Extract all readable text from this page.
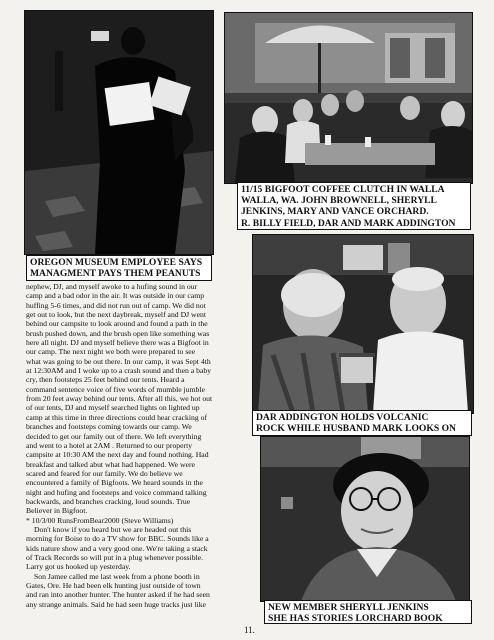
OREGON MUSEUM EMPLOYEE SAYS
MANAGMENT PAYS THEM PEANUTS
11/15 BIGFOOT COFFEE CLUTCH IN WALLA
WALLA, WA. JOHN BROWNELL, SHERYLL
JENKINS, MARY AND VANCE ORCHARD.
R. BILLY FIELD, DAR AND MARK ADDINGTON
DAR ADDINGTON HOLDS VOLCANIC
ROCK WHILE HUSBAND MARK LOOKS ON
NEW MEMBER SHERYLL JENKINS
SHE HAS STORIES LORCHARD BOOK

nephew, DJ, and myself awoke to a hufing sound in our

camp and a bad odor in the air. It was outside in our camp

huffing 5-6 times, and did not run out of camp. We did not

get out to look, but the next daybreak, myself and DJ went

behind our campsite to look around and found a path in the

brush pushed down, and the brush open like something was

here all night. DJ and myself believe there was a Bigfoot in

our camp. The next night we both were prepared to see

what was going to be out there. In our camp, it was Sept 4th

at 12:30AM and I woke up to a crash sound and then a baby

cry, then footsteps 25 feet behind our tents. Heard a

command sentence voice of five words of mumble jumble

from 20 feet away behind our tents. After all this, we hot out

of our tents, DJ and myself searched lights on lighted up

camp at this time in three directions could hear cracking of

branches and footsteps coming towards our camp. We

decided to get our family out of there. We left everything

and went to a hotel at 2AM . Returned to our property

campsite at 10:30 AM the next day and found nothing. Had

breakfast and talked abut what had happened. We were

scared and feared for our family. We do believe we

encountered a family of Bigfoots. We heard sounds in the

night and hufing and footsteps and voice command talking

backwards, and branches cracking, loud sounds. True

Believer in Bigfoot.

* 10/3/00 RunsFromBear2000 (Steve Williams)

Don't know if you heard but we are headed out this

morning for Boise to do a TV show for BBC. Sounds like a

kids nature show and a very good one. We're taking a stack

of Track Records so will put in a plug whenever possible.

Larry got us hooked up yesterday.

Son Jamee called me last week from a phone booth in

Gates, Ore. He had been elk hunting just outside of town

and ran into another hunter. The hunter asked if he had seen

any strange animals. Said he had seen huge tracks just like

11.
